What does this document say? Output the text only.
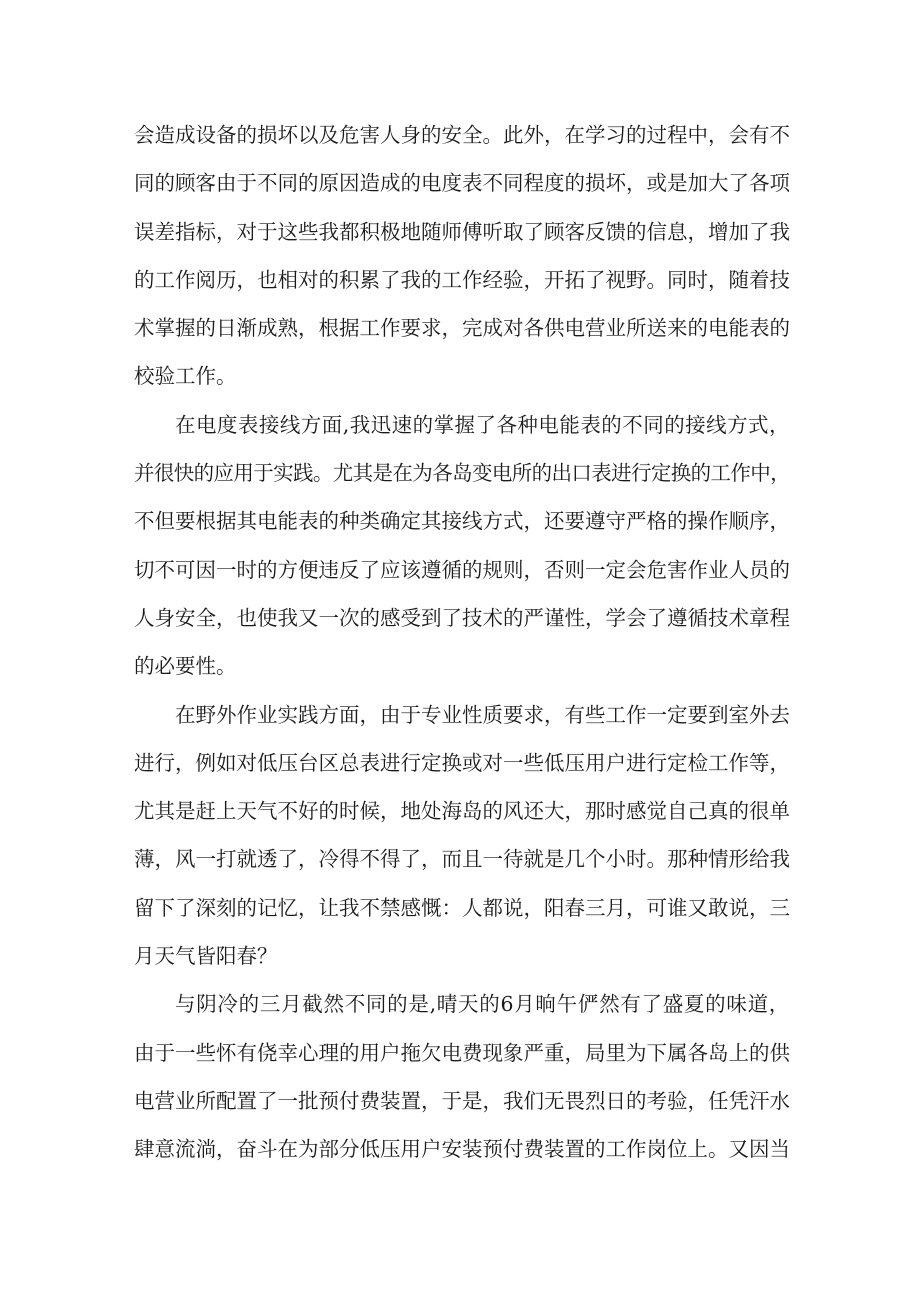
会造成设备的损坏以及危害人身的安全。此外，在学习的过程中，会有不
同的顾客由于不同的原因造成的电度表不同程度的损坏，或是加大了各项
误差指标，对于这些我都积极地随师傅听取了顾客反馈的信息，增加了我
的工作阅历，也相对的积累了我的工作经验，开拓了视野。同时，随着技
术掌握的日渐成熟，根据工作要求，完成对各供电营业所送来的电能表的
校验工作。
在电度表接线方面,我迅速的掌握了各种电能表的不同的接线方式，
并很快的应用于实践。尤其是在为各岛变电所的出口表进行定换的工作中，
不但要根据其电能表的种类确定其接线方式，还要遵守严格的操作顺序，
切不可因一时的方便违反了应该遵循的规则，否则一定会危害作业人员的
人身安全，也使我又一次的感受到了技术的严谨性，学会了遵循技术章程
的必要性。
在野外作业实践方面，由于专业性质要求，有些工作一定要到室外去
进行，例如对低压台区总表进行定换或对一些低压用户进行定检工作等，
尤其是赶上天气不好的时候，地处海岛的风还大，那时感觉自己真的很单
薄，风一打就透了，冷得不得了，而且一待就是几个小时。那种情形给我
留下了深刻的记忆，让我不禁感慨：人都说，阳春三月，可谁又敢说，三
月天气皆阳春？
与阴冷的三月截然不同的是,晴天的6月晌午俨然有了盛夏的味道，
由于一些怀有侥幸心理的用户拖欠电费现象严重，局里为下属各岛上的供
电营业所配置了一批预付费装置，于是，我们无畏烈日的考验，任凭汗水
肆意流淌，奋斗在为部分低压用户安装预付费装置的工作岗位上。又因当
